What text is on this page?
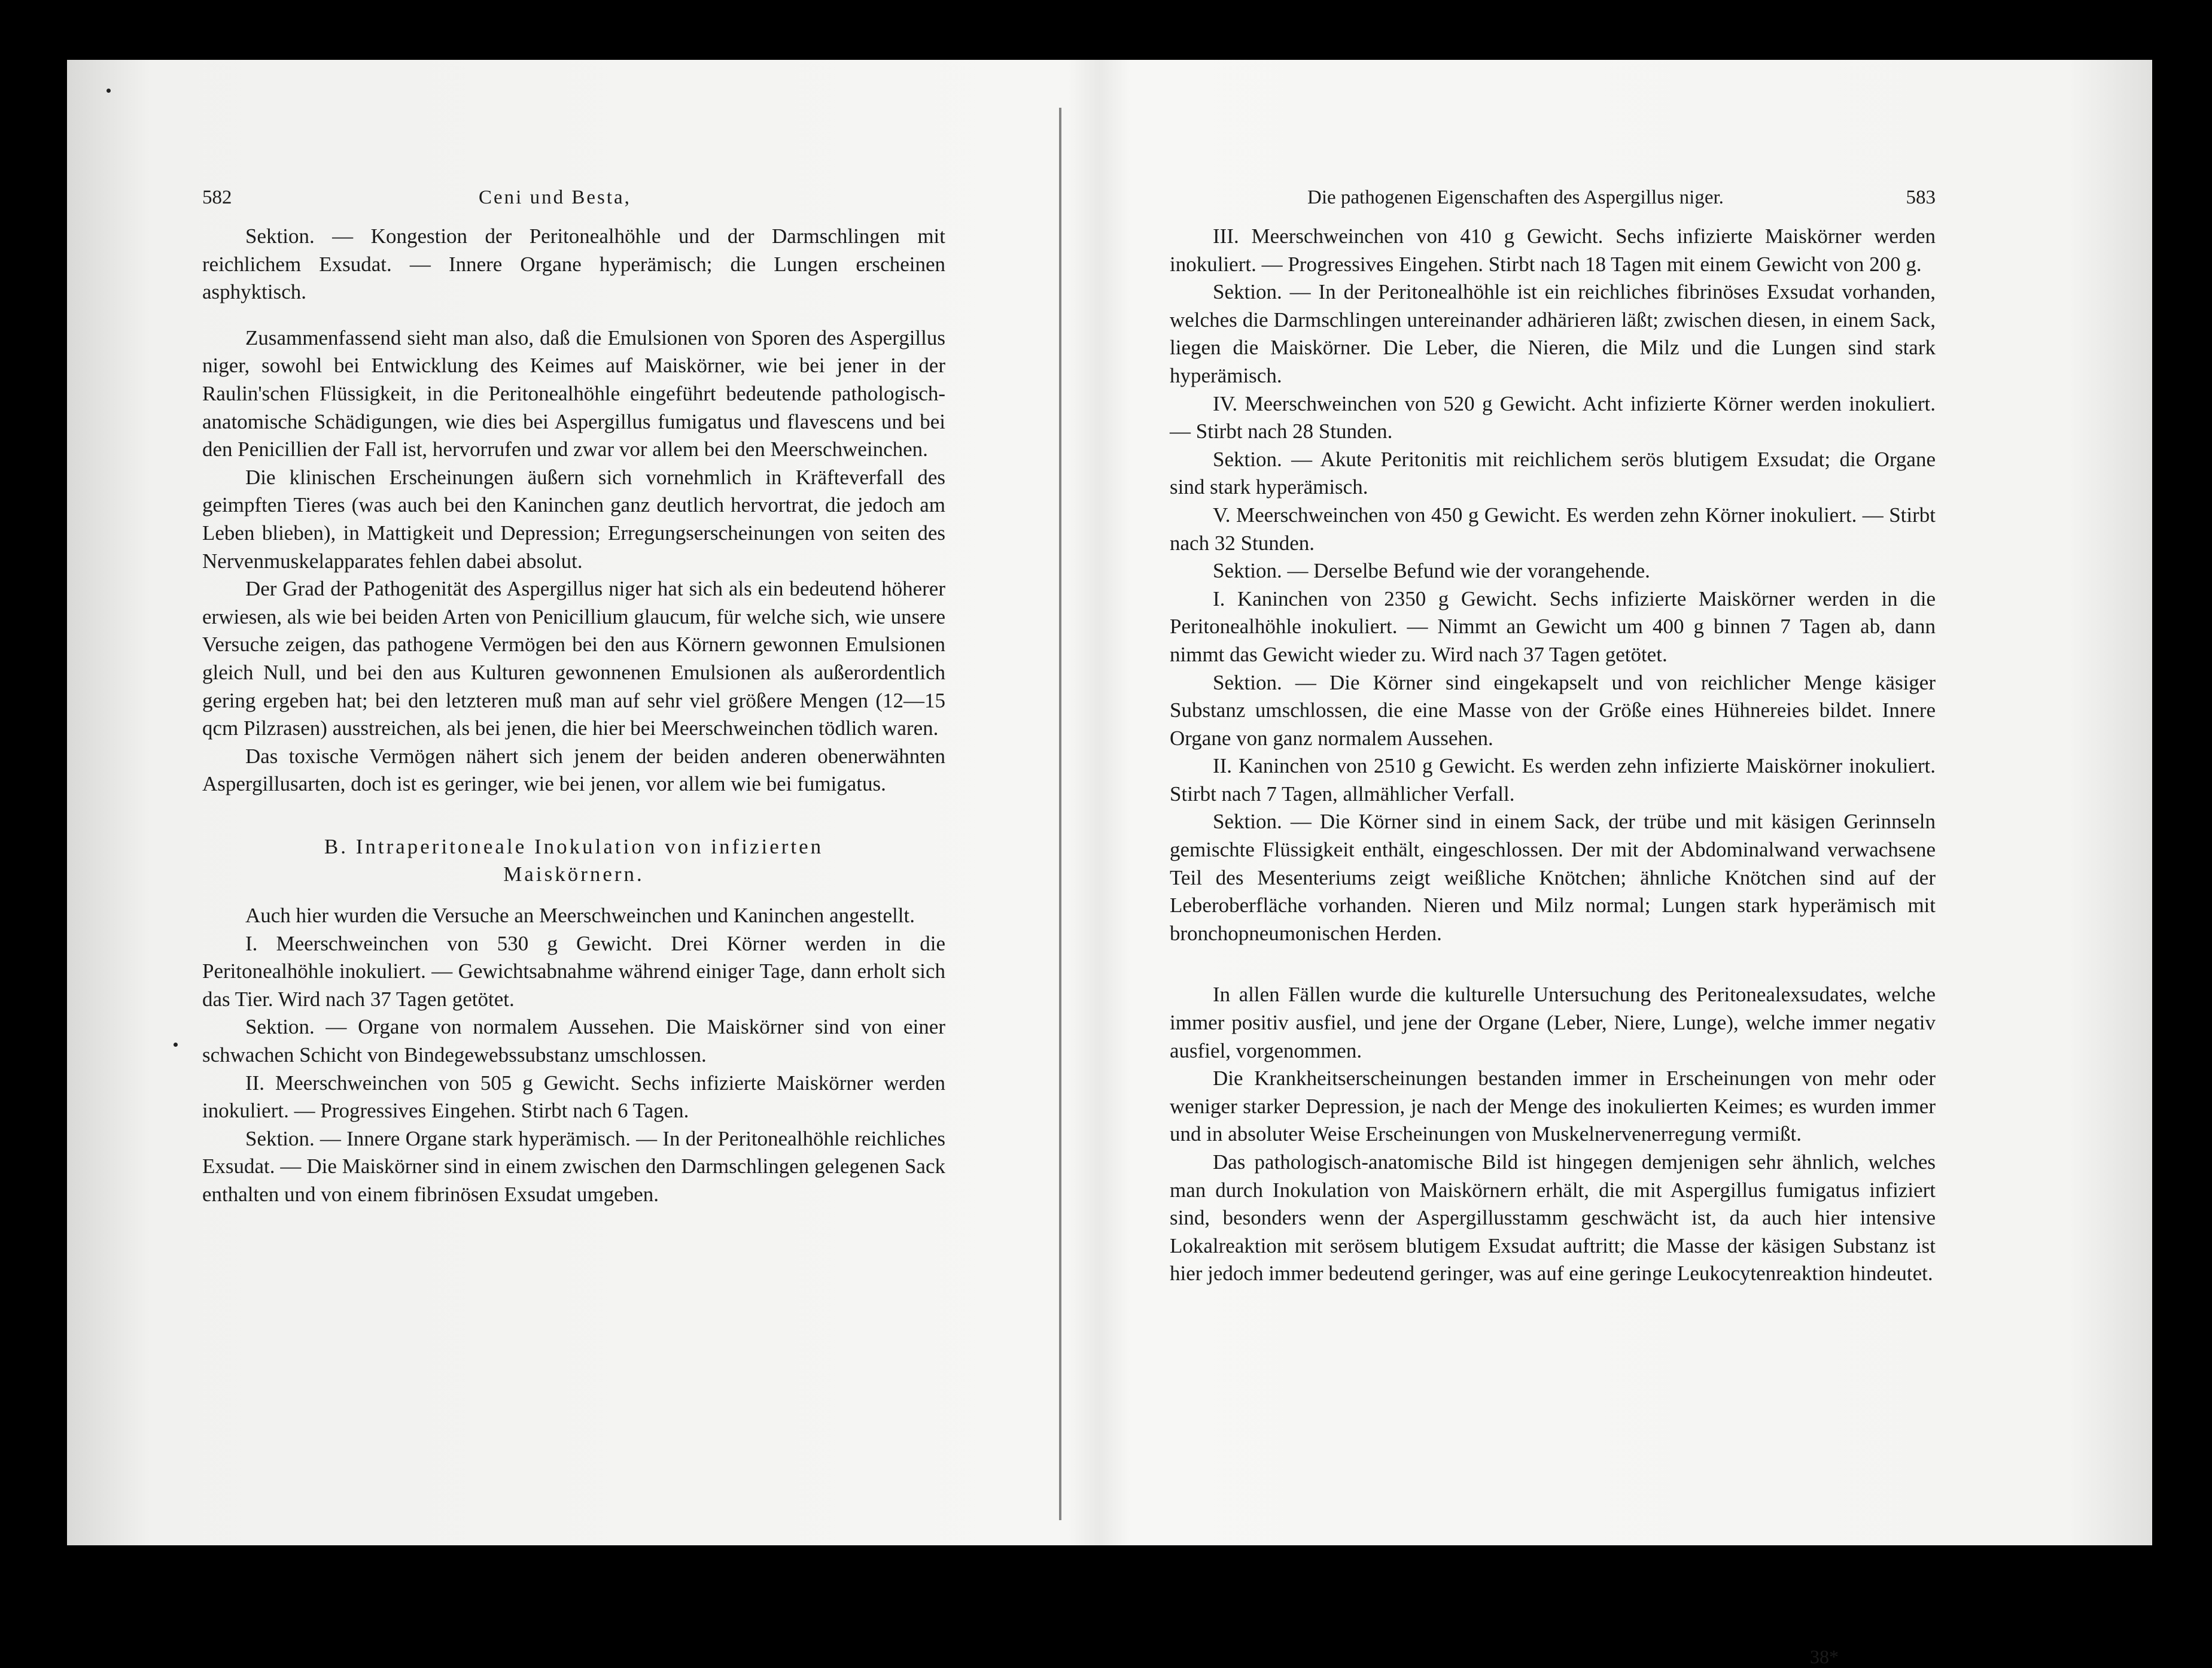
582	Ceni und Besta,

Sektion. — Kongestion der Peritonealhöhle und der Darmschlingen mit reichlichem Exsudat. — Innere Organe hyperämisch; die Lungen erscheinen asphyktisch.

Zusammenfassend sieht man also, daß die Emulsionen von Sporen des Aspergillus niger, sowohl bei Entwicklung des Keimes auf Maiskörner, wie bei jener in der Raulin'schen Flüssigkeit, in die Peritonealhöhle eingeführt bedeutende pathologisch-anatomische Schädigungen, wie dies bei Aspergillus fumigatus und flavescens und bei den Penicillien der Fall ist, hervorrufen und zwar vor allem bei den Meerschweinchen.

Die klinischen Erscheinungen äußern sich vornehmlich in Kräfteverfall des geimpften Tieres (was auch bei den Kaninchen ganz deutlich hervortrat, die jedoch am Leben blieben), in Mattigkeit und Depression; Erregungserscheinungen von seiten des Nervenmuskelapparates fehlen dabei absolut.

Der Grad der Pathogenität des Aspergillus niger hat sich als ein bedeutend höherer erwiesen, als wie bei beiden Arten von Penicillium glaucum, für welche sich, wie unsere Versuche zeigen, das pathogene Vermögen bei den aus Körnern gewonnen Emulsionen gleich Null, und bei den aus Kulturen gewonnenen Emulsionen als außerordentlich gering ergeben hat; bei den letzteren muß man auf sehr viel größere Mengen (12—15 qcm Pilzrasen) ausstreichen, als bei jenen, die hier bei Meerschweinchen tödlich waren.

Das toxische Vermögen nähert sich jenem der beiden anderen obenerwähnten Aspergillusarten, doch ist es geringer, wie bei jenen, vor allem wie bei fumigatus.

B. Intraperitoneale Inokulation von infizierten
Maiskörnern.

Auch hier wurden die Versuche an Meerschweinchen und Kaninchen angestellt.

I. Meerschweinchen von 530 g Gewicht. Drei Körner werden in die Peritonealhöhle inokuliert. — Gewichtsabnahme während einiger Tage, dann erholt sich das Tier. Wird nach 37 Tagen getötet.

Sektion. — Organe von normalem Aussehen. Die Maiskörner sind von einer schwachen Schicht von Bindegewebssubstanz umschlossen.

II. Meerschweinchen von 505 g Gewicht. Sechs infizierte Maiskörner werden inokuliert. — Progressives Eingehen. Stirbt nach 6 Tagen.

Sektion. — Innere Organe stark hyperämisch. — In der Peritonealhöhle reichliches Exsudat. — Die Maiskörner sind in einem zwischen den Darmschlingen gelegenen Sack enthalten und von einem fibrinösen Exsudat umgeben.

Die pathogenen Eigenschaften des Aspergillus niger.	583

III. Meerschweinchen von 410 g Gewicht. Sechs infizierte Maiskörner werden inokuliert. — Progressives Eingehen. Stirbt nach 18 Tagen mit einem Gewicht von 200 g.

Sektion. — In der Peritonealhöhle ist ein reichliches fibrinöses Exsudat vorhanden, welches die Darmschlingen untereinander adhärieren läßt; zwischen diesen, in einem Sack, liegen die Maiskörner. Die Leber, die Nieren, die Milz und die Lungen sind stark hyperämisch.

IV. Meerschweinchen von 520 g Gewicht. Acht infizierte Körner werden inokuliert. — Stirbt nach 28 Stunden.

Sektion. — Akute Peritonitis mit reichlichem serös blutigem Exsudat; die Organe sind stark hyperämisch.

V. Meerschweinchen von 450 g Gewicht. Es werden zehn Körner inokuliert. — Stirbt nach 32 Stunden.

Sektion. — Derselbe Befund wie der vorangehende.

I. Kaninchen von 2350 g Gewicht. Sechs infizierte Maiskörner werden in die Peritonealhöhle inokuliert. — Nimmt an Gewicht um 400 g binnen 7 Tagen ab, dann nimmt das Gewicht wieder zu. Wird nach 37 Tagen getötet.

Sektion. — Die Körner sind eingekapselt und von reichlicher Menge käsiger Substanz umschlossen, die eine Masse von der Größe eines Hühnereies bildet. Innere Organe von ganz normalem Aussehen.

II. Kaninchen von 2510 g Gewicht. Es werden zehn infizierte Maiskörner inokuliert. Stirbt nach 7 Tagen, allmählicher Verfall.

Sektion. — Die Körner sind in einem Sack, der trübe und mit käsigen Gerinnseln gemischte Flüssigkeit enthält, eingeschlossen. Der mit der Abdominalwand verwachsene Teil des Mesenteriums zeigt weißliche Knötchen; ähnliche Knötchen sind auf der Leberoberfläche vorhanden. Nieren und Milz normal; Lungen stark hyperämisch mit bronchopneumonischen Herden.

In allen Fällen wurde die kulturelle Untersuchung des Peritonealexsudates, welche immer positiv ausfiel, und jene der Organe (Leber, Niere, Lunge), welche immer negativ ausfiel, vorgenommen.

Die Krankheitserscheinungen bestanden immer in Erscheinungen von mehr oder weniger starker Depression, je nach der Menge des inokulierten Keimes; es wurden immer und in absoluter Weise Erscheinungen von Muskelnervenerregung vermißt.

Das pathologisch-anatomische Bild ist hingegen demjenigen sehr ähnlich, welches man durch Inokulation von Maiskörnern erhält, die mit Aspergillus fumigatus infiziert sind, besonders wenn der Aspergillusstamm geschwächt ist, da auch hier intensive Lokalreaktion mit serösem blutigem Exsudat auftritt; die Masse der käsigen Substanz ist hier jedoch immer bedeutend geringer, was auf eine geringe Leukocytenreaktion hindeutet.

38*
